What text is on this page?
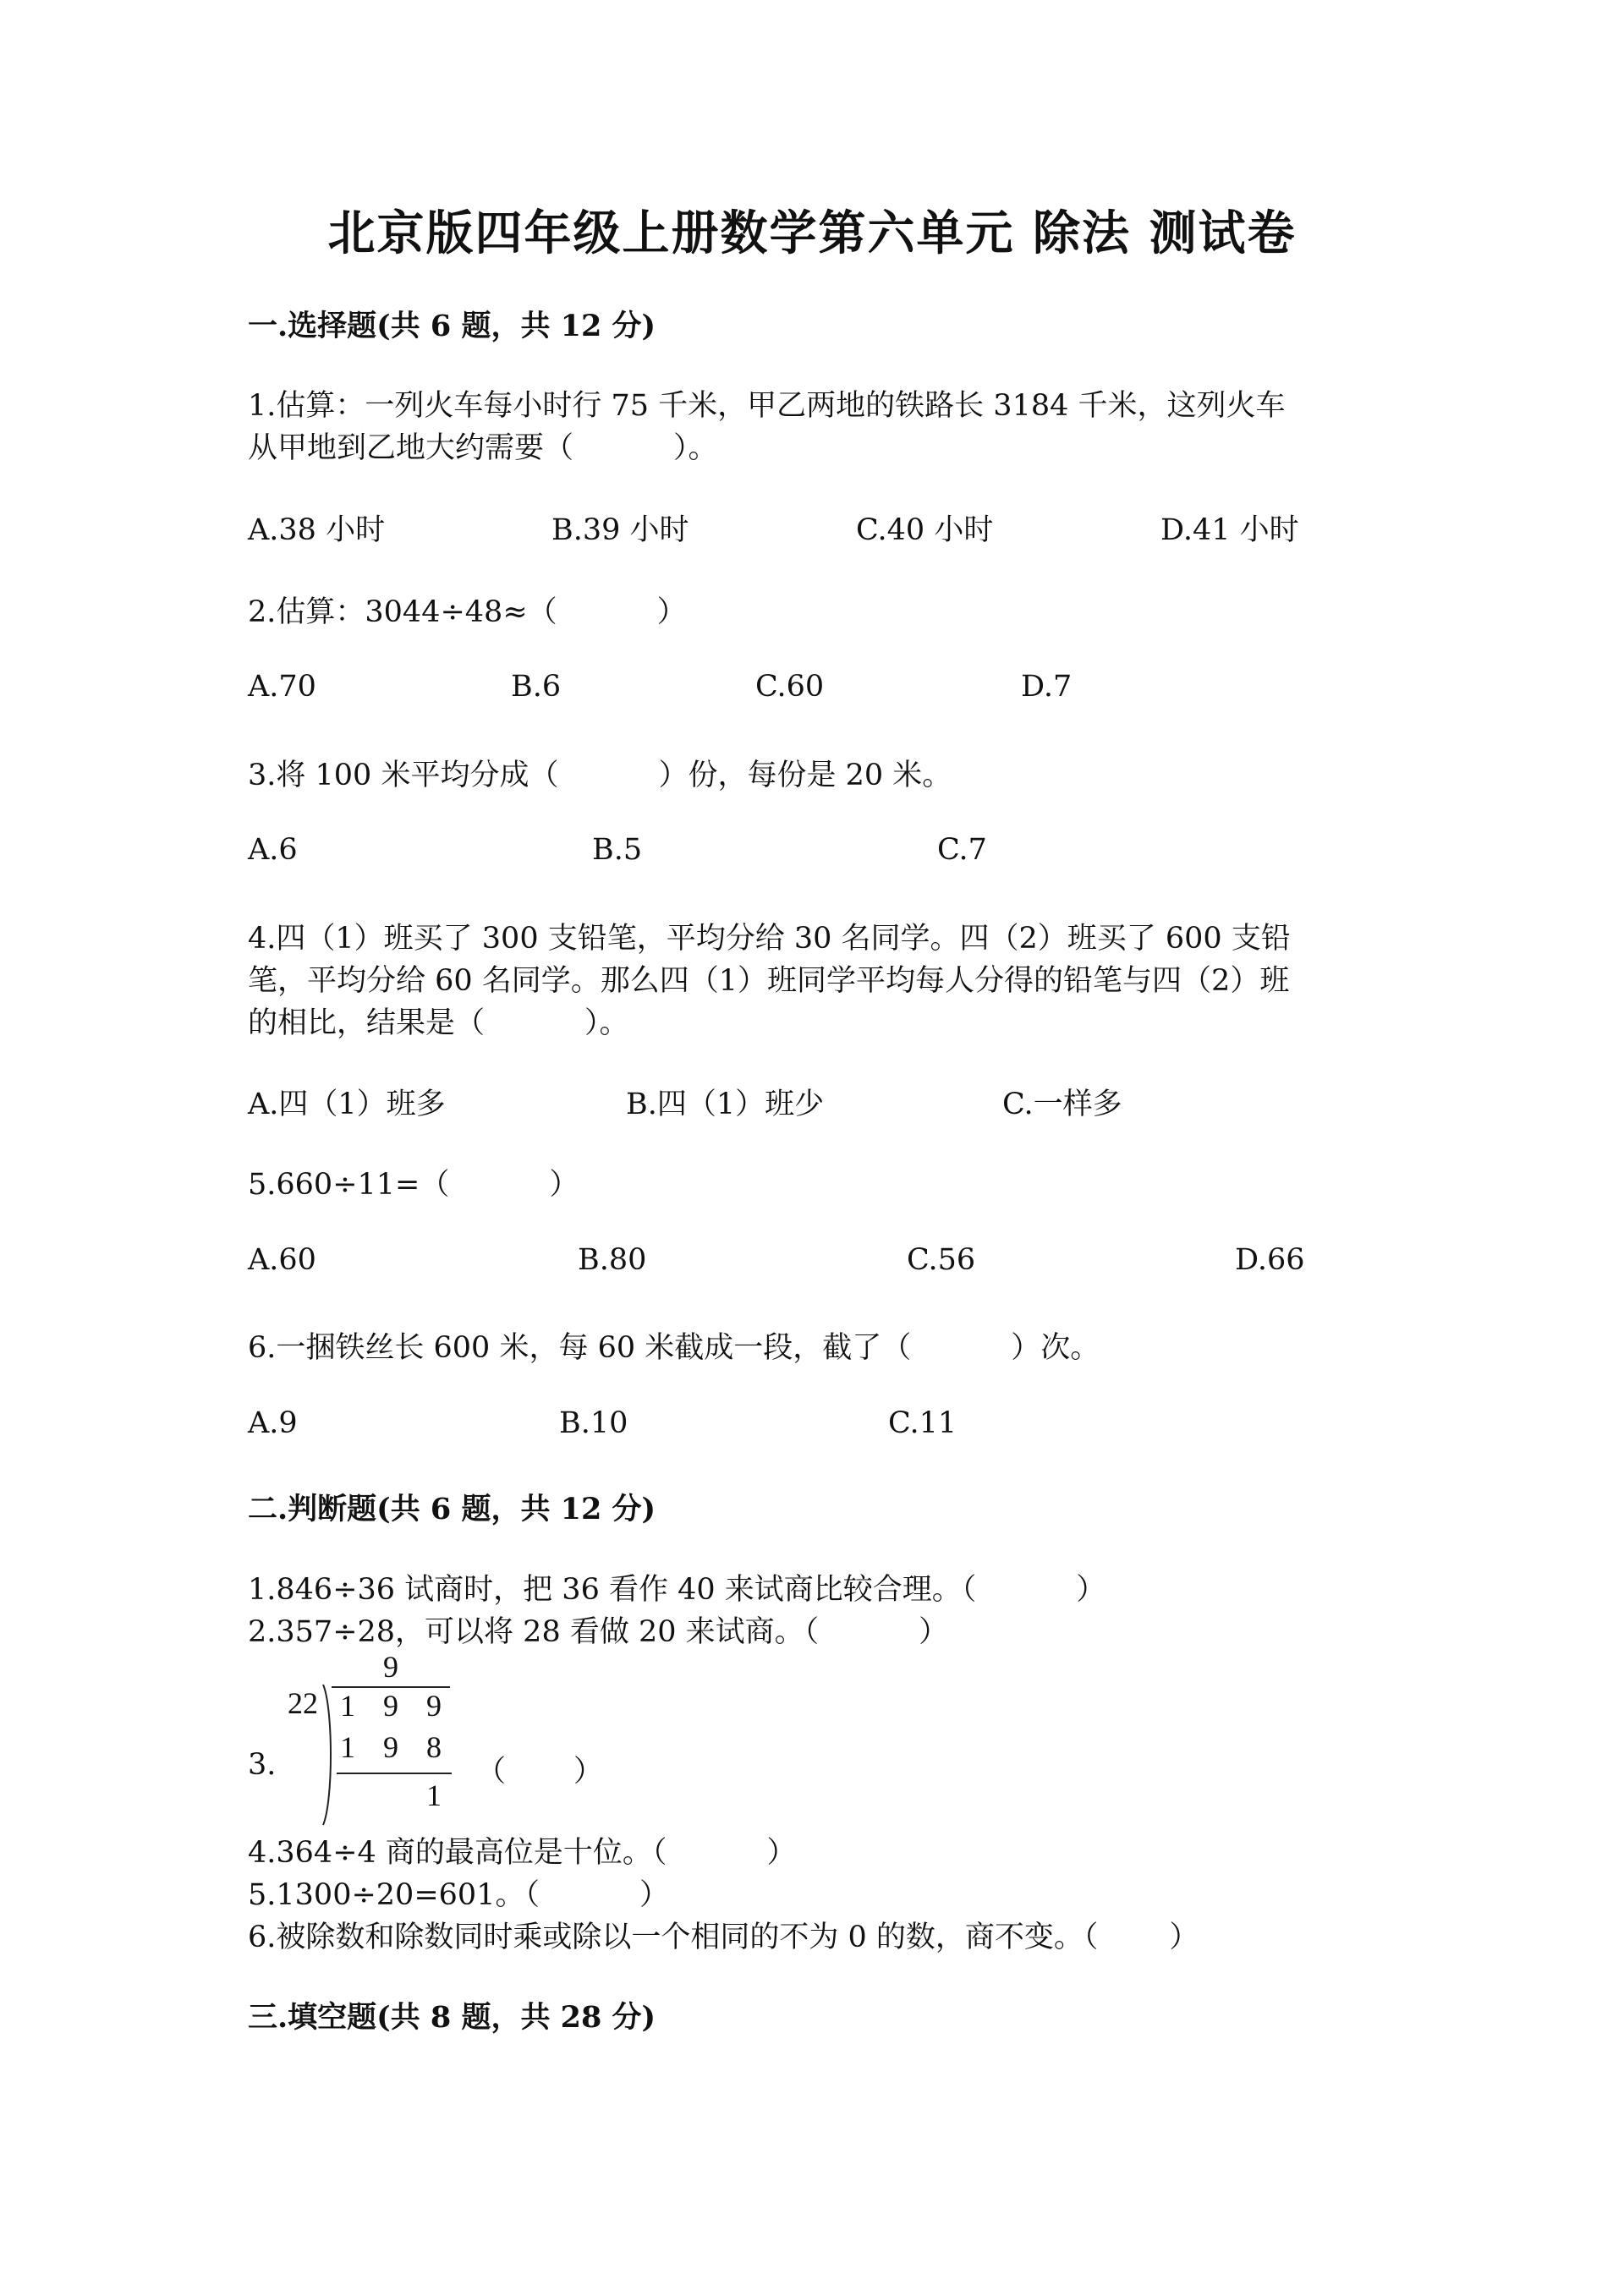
北京版四年级上册数学第六单元 除法 测试卷
一.选择题(共 6 题，共 12 分)
1.估算：一列火车每小时行 75 千米，甲乙两地的铁路长 3184 千米，这列火车
从甲地到乙地大约需要（	）。
A.38 小时	B.39 小时	C.40 小时	D.41 小时
2.估算：3044÷48≈（	）
A.70	B.6	C.60	D.7
3.将 100 米平均分成（	）份，每份是 20 米。
A.6	B.5	C.7
4.四（1）班买了 300 支铅笔，平均分给 30 名同学。四（2）班买了 600 支铅
笔，平均分给 60 名同学。那么四（1）班同学平均每人分得的铅笔与四（2）班
的相比，结果是（	）。
A.四（1）班多	B.四（1）班少	C.一样多
5.660÷11=（	）
A.60	B.80	C.56	D.66
6.一捆铁丝长 600 米，每 60 米截成一段，截了（	）次。
A.9	B.10	C.11
二.判断题(共 6 题，共 12 分)
1.846÷36 试商时，把 36 看作 40 来试商比较合理。（	）
2.357÷28，可以将 28 看做 20 来试商。（	）
3.
9
22 1 9 9
1 9 8
1
（ ）
4.364÷4 商的最高位是十位。（	）
5.1300÷20=601。（	）
6.被除数和除数同时乘或除以一个相同的不为 0 的数，商不变。（ ）
三.填空题(共 8 题，共 28 分)
